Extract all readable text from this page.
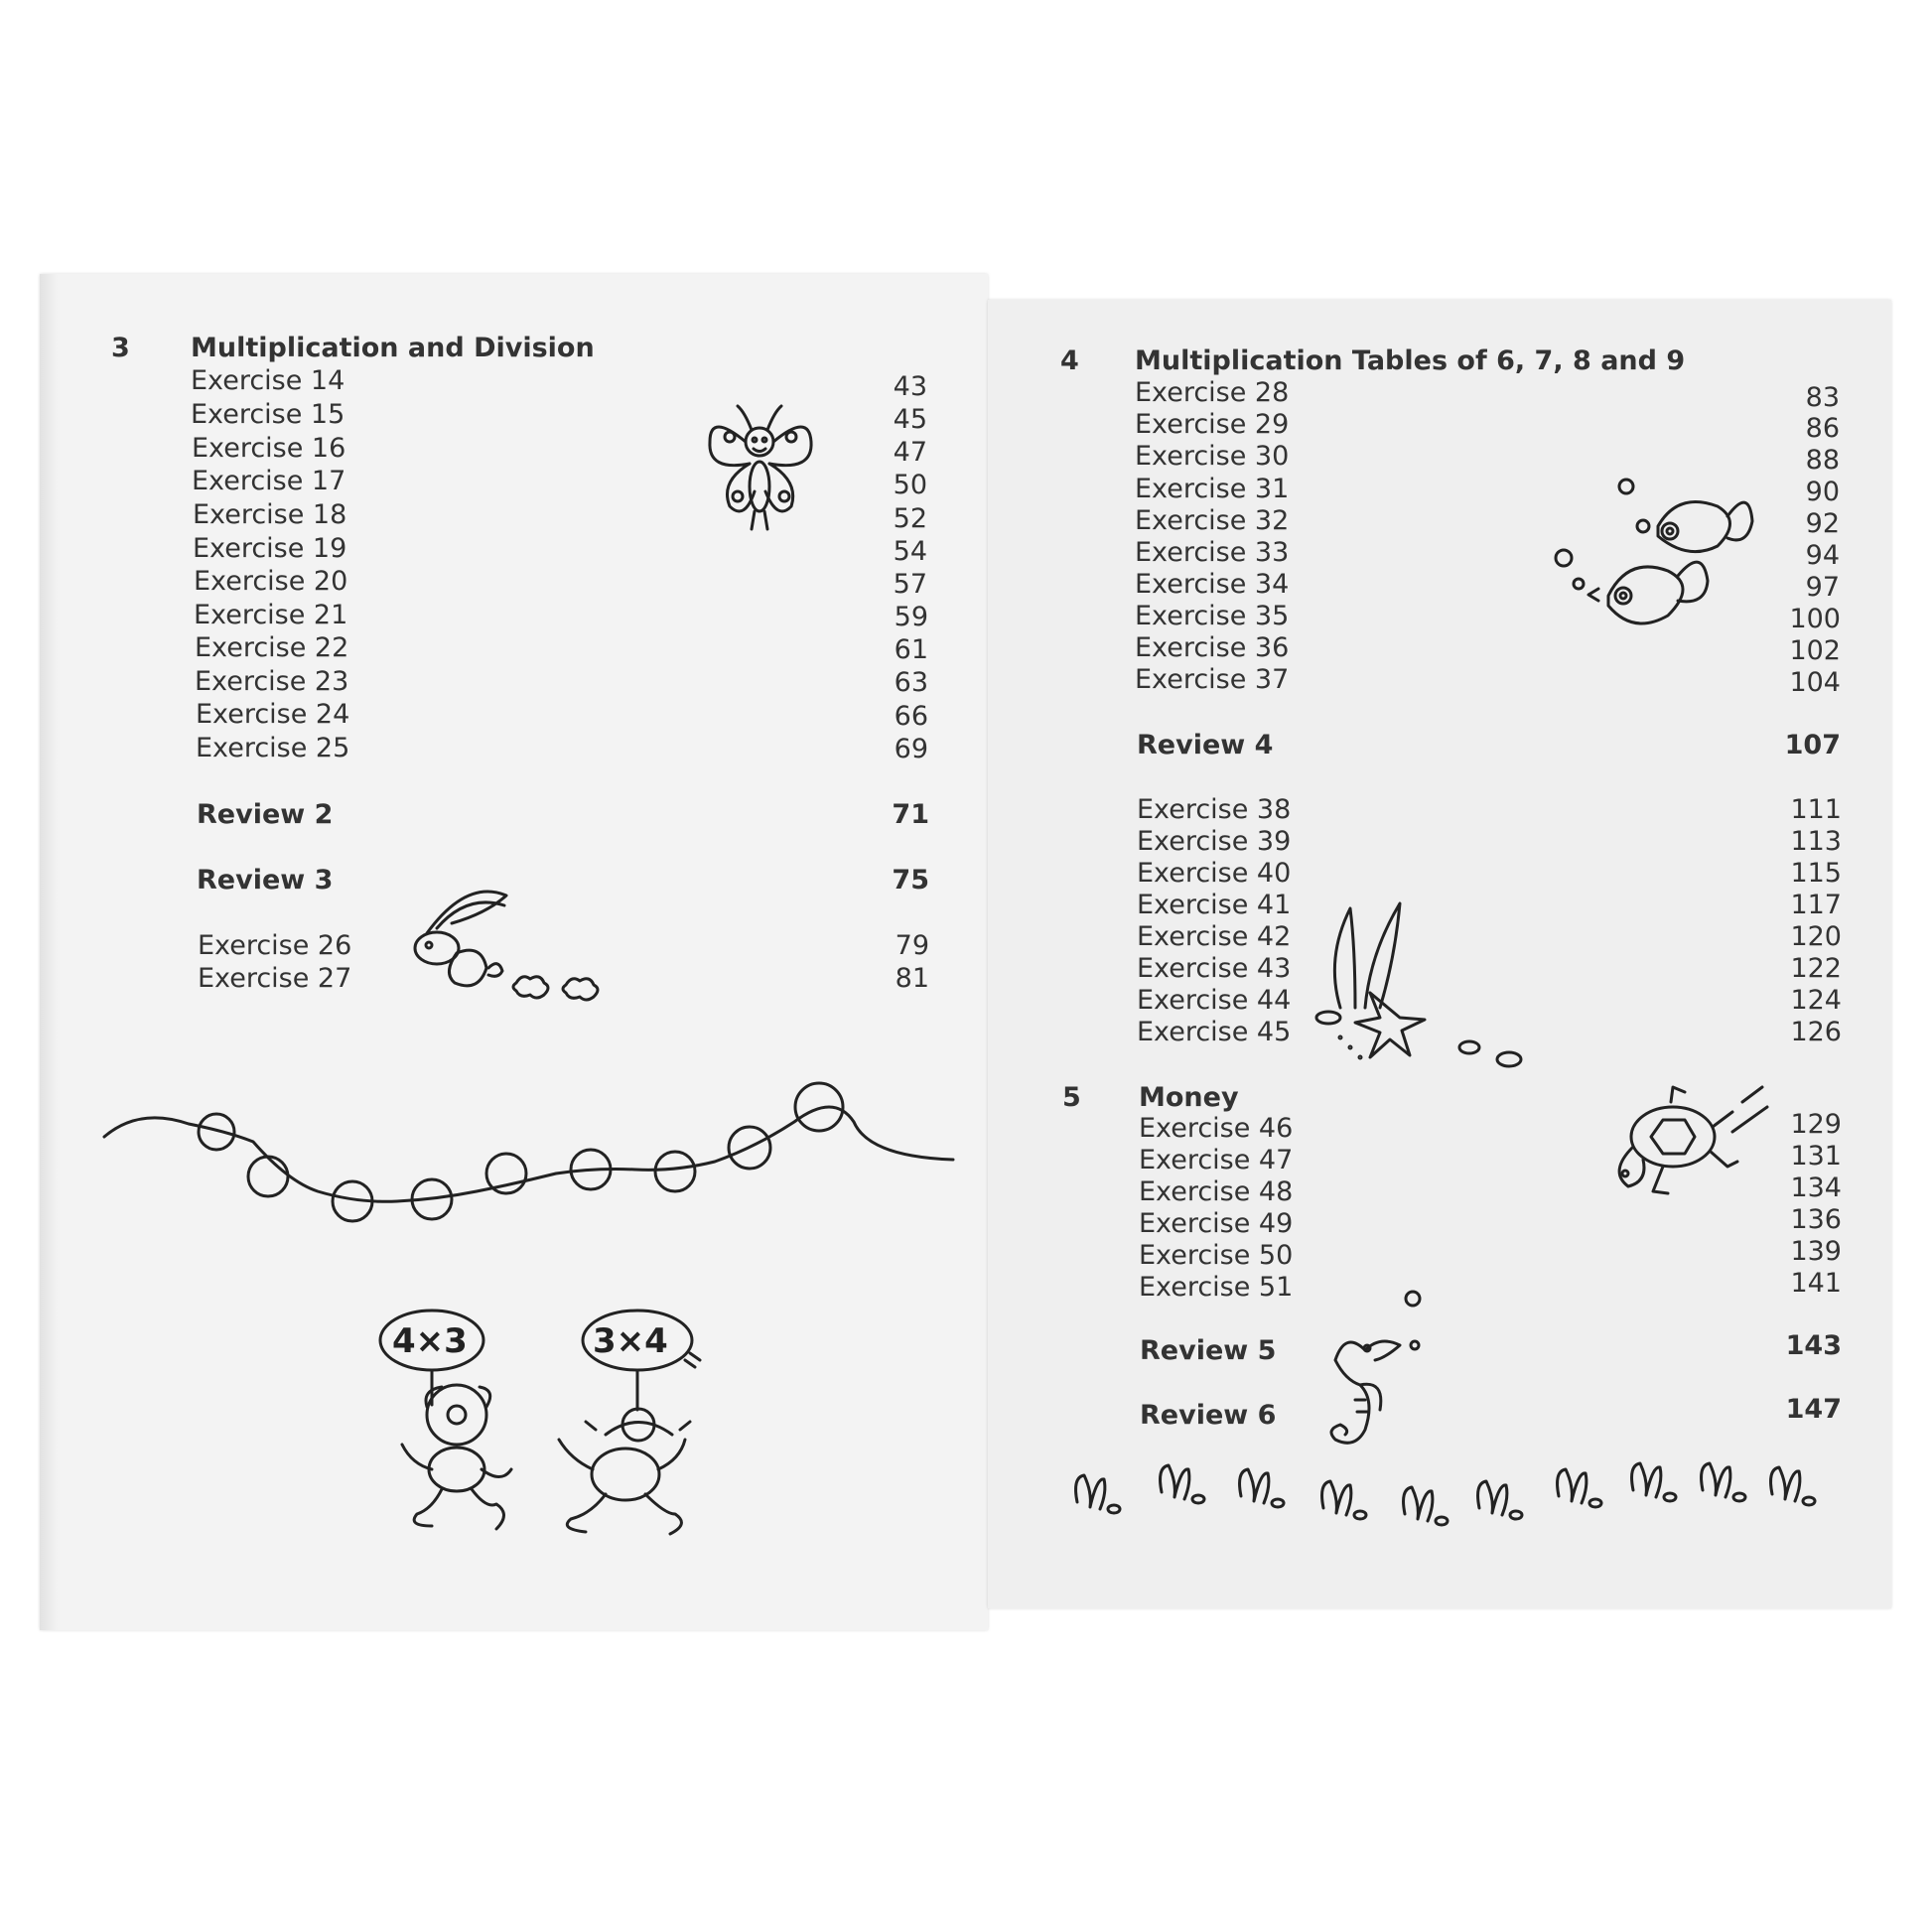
3 Multiplication and Division
Exercise 14	43
Exercise 15	45
Exercise 16	47
Exercise 17	50
Exercise 18	52
Exercise 19	54
Exercise 20	57
Exercise 21	59
Exercise 22	61
Exercise 23	63
Exercise 24	66
Exercise 25	69
Review 2	71
Review 3	75
Exercise 26	79
Exercise 27	81
4×3	3×4
4 Multiplication Tables of 6, 7, 8 and 9
Exercise 28	83
Exercise 29	86
Exercise 30	88
Exercise 31	90
Exercise 32	92
Exercise 33	94
Exercise 34	97
Exercise 35	100
Exercise 36	102
Exercise 37	104
Review 4	107
Exercise 38	111
Exercise 39	113
Exercise 40	115
Exercise 41	117
Exercise 42	120
Exercise 43	122
Exercise 44	124
Exercise 45	126
5 Money
Exercise 46	129
Exercise 47	131
Exercise 48	134
Exercise 49	136
Exercise 50	139
Exercise 51	141
Review 5	143
Review 6	147
